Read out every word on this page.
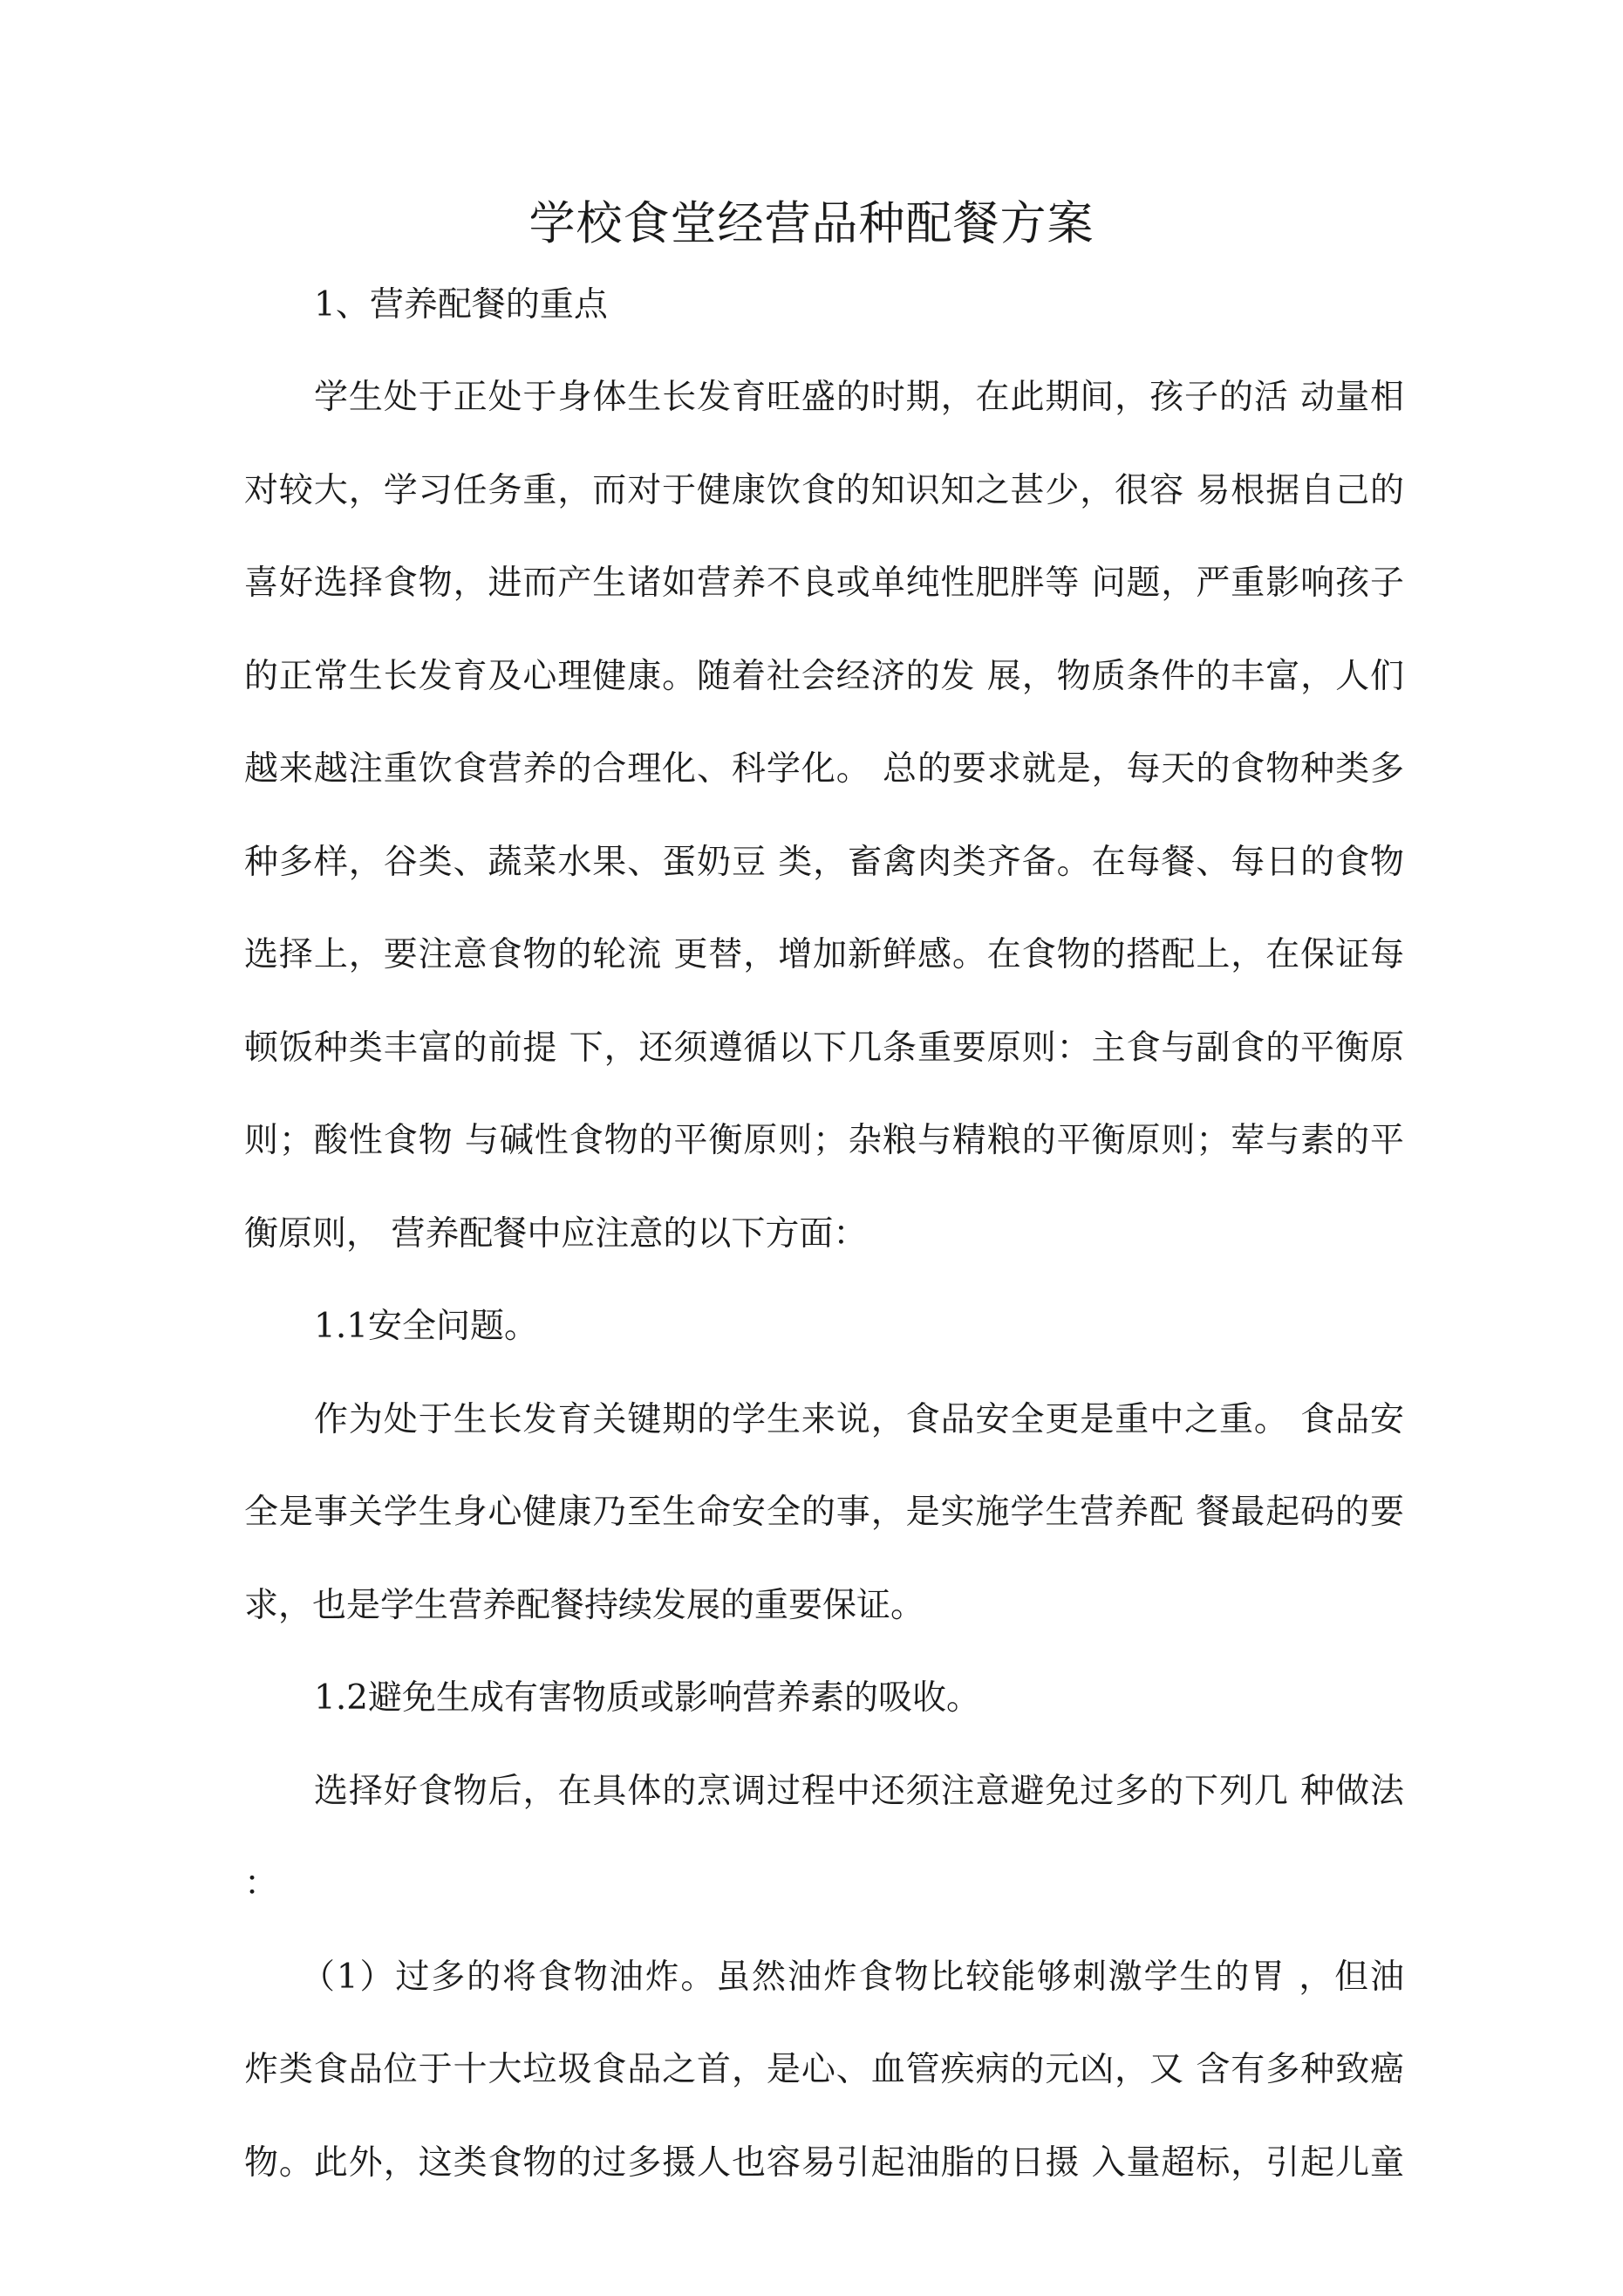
学校食堂经营品种配餐方案
1、营养配餐的重点
学生处于正处于身体生长发育旺盛的时期，在此期间，孩子的活 动量相
对较大，学习任务重，而对于健康饮食的知识知之甚少，很容 易根据自己的
喜好选择食物，进而产生诸如营养不良或单纯性肥胖等 问题，严重影响孩子
的正常生长发育及心理健康。随着社会经济的发 展，物质条件的丰富，人们
越来越注重饮食营养的合理化、科学化。 总的要求就是，每天的食物种类多
种多样，谷类、蔬菜水果、蛋奶豆 类，畜禽肉类齐备。在每餐、每日的食物
选择上，要注意食物的轮流 更替，增加新鲜感。在食物的搭配上，在保证每
顿饭种类丰富的前提 下，还须遵循以下几条重要原则：主食与副食的平衡原
则；酸性食物 与碱性食物的平衡原则；杂粮与精粮的平衡原则；荤与素的平
衡原则， 营养配餐中应注意的以下方面：
1.1安全问题。
作为处于生长发育关键期的学生来说，食品安全更是重中之重。 食品安
全是事关学生身心健康乃至生命安全的事，是实施学生营养配 餐最起码的要
求，也是学生营养配餐持续发展的重要保证。
1.2避免生成有害物质或影响营养素的吸收。
选择好食物后，在具体的烹调过程中还须注意避免过多的下列几 种做法
：
（1）过多的将食物油炸。虽然油炸食物比较能够刺激学生的胃 ，但油
炸类食品位于十大垃圾食品之首，是心、血管疾病的元凶，又 含有多种致癌
物。此外，这类食物的过多摄人也容易引起油脂的日摄 入量超标，引起儿童
